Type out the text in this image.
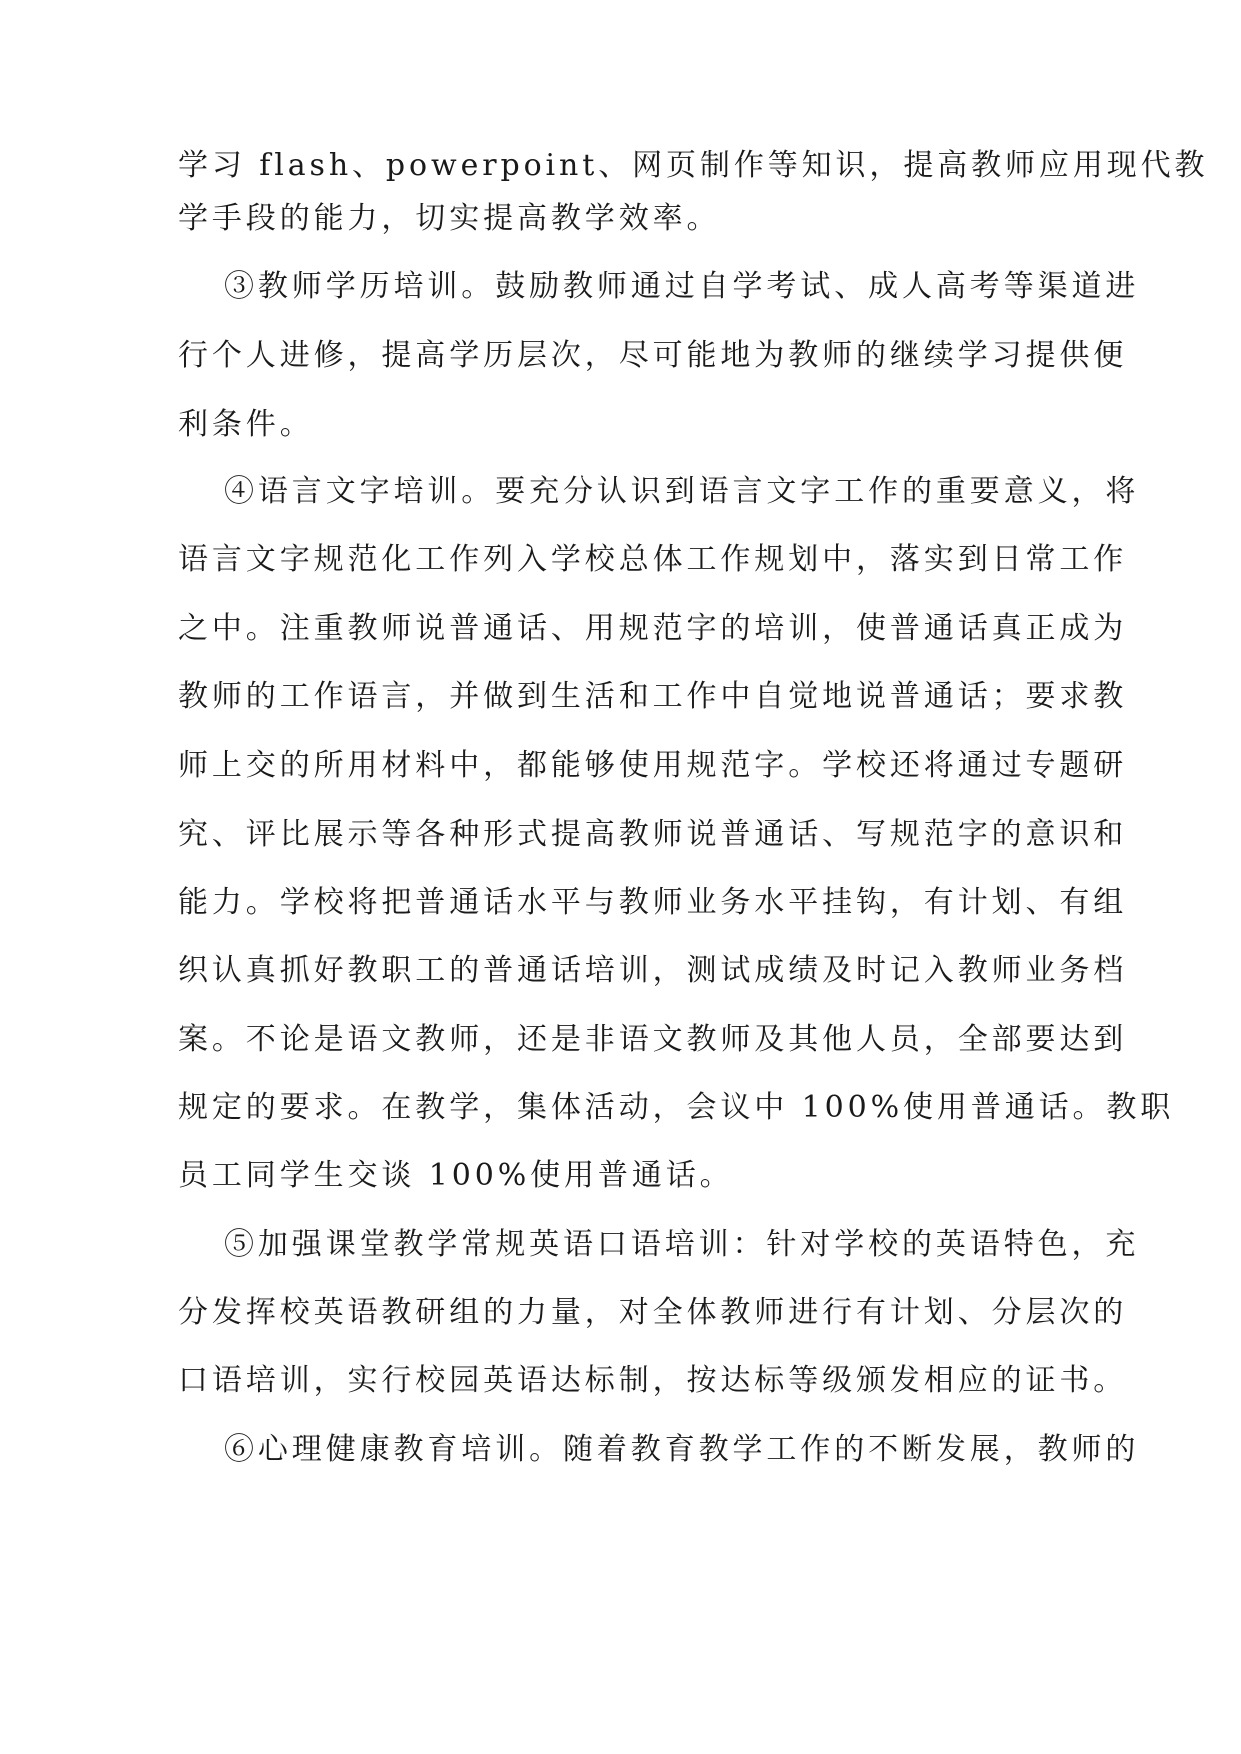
学习 flash、powerpoint、网页制作等知识，提高教师应用现代教
学手段的能力，切实提高教学效率。
③教师学历培训。鼓励教师通过自学考试、成人高考等渠道进
行个人进修，提高学历层次，尽可能地为教师的继续学习提供便
利条件。
④语言文字培训。要充分认识到语言文字工作的重要意义，将
语言文字规范化工作列入学校总体工作规划中，落实到日常工作
之中。注重教师说普通话、用规范字的培训，使普通话真正成为
教师的工作语言，并做到生活和工作中自觉地说普通话；要求教
师上交的所用材料中，都能够使用规范字。学校还将通过专题研
究、评比展示等各种形式提高教师说普通话、写规范字的意识和
能力。学校将把普通话水平与教师业务水平挂钩，有计划、有组
织认真抓好教职工的普通话培训，测试成绩及时记入教师业务档
案。不论是语文教师，还是非语文教师及其他人员，全部要达到
规定的要求。在教学，集体活动，会议中 100%使用普通话。教职
员工同学生交谈 100%使用普通话。
⑤加强课堂教学常规英语口语培训：针对学校的英语特色，充
分发挥校英语教研组的力量，对全体教师进行有计划、分层次的
口语培训，实行校园英语达标制，按达标等级颁发相应的证书。
⑥心理健康教育培训。随着教育教学工作的不断发展，教师的
